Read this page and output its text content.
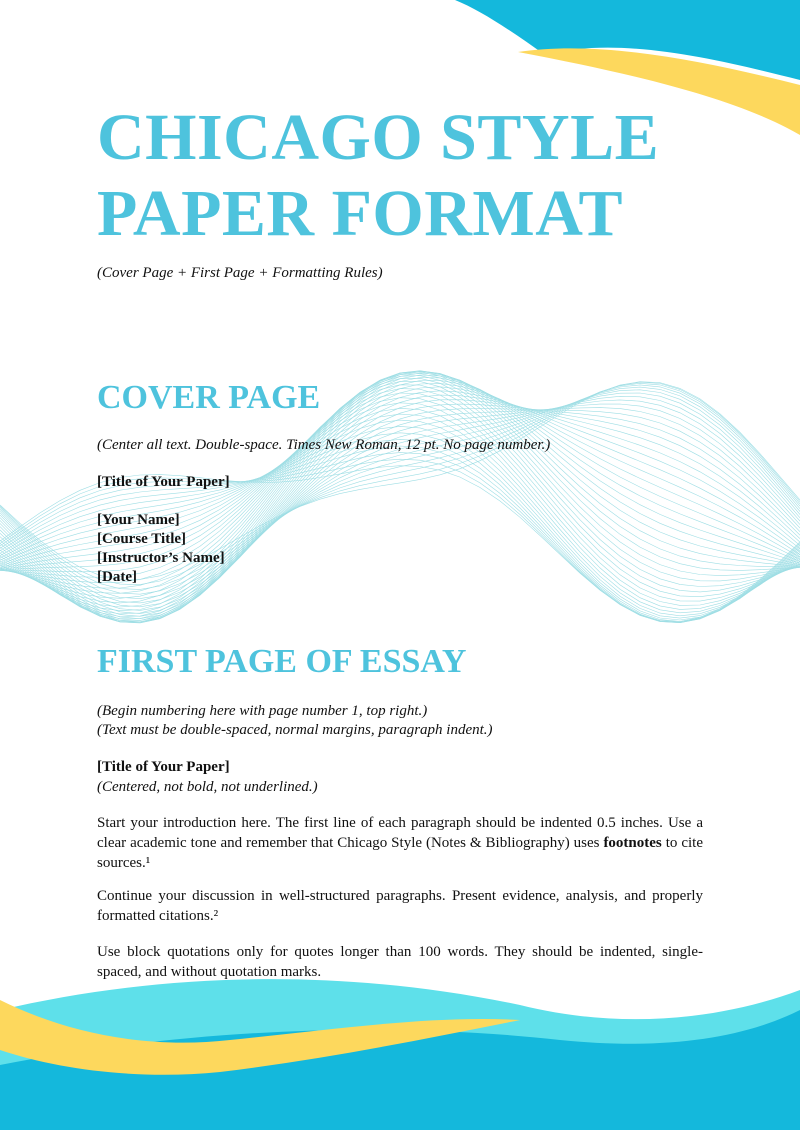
CHICAGO STYLE
PAPER FORMAT

(Cover Page + First Page + Formatting Rules)

COVER PAGE

(Center all text. Double-space. Times New Roman, 12 pt. No page number.)

[Title of Your Paper]

[Your Name]

[Course Title]

[Instructor’s Name]

[Date]

FIRST PAGE OF ESSAY

(Begin numbering here with page number 1, top right.)

(Text must be double-spaced, normal margins, paragraph indent.)

[Title of Your Paper]

(Centered, not bold, not underlined.)

Start your introduction here. The first line of each paragraph should be indented 0.5 inches. Use a clear academic tone and remember that Chicago Style (Notes & Bibliography) uses footnotes to cite sources.¹

Continue your discussion in well-structured paragraphs. Present evidence, analysis, and properly formatted citations.²

Use block quotations only for quotes longer than 100 words. They should be indented, single-spaced, and without quotation marks.
